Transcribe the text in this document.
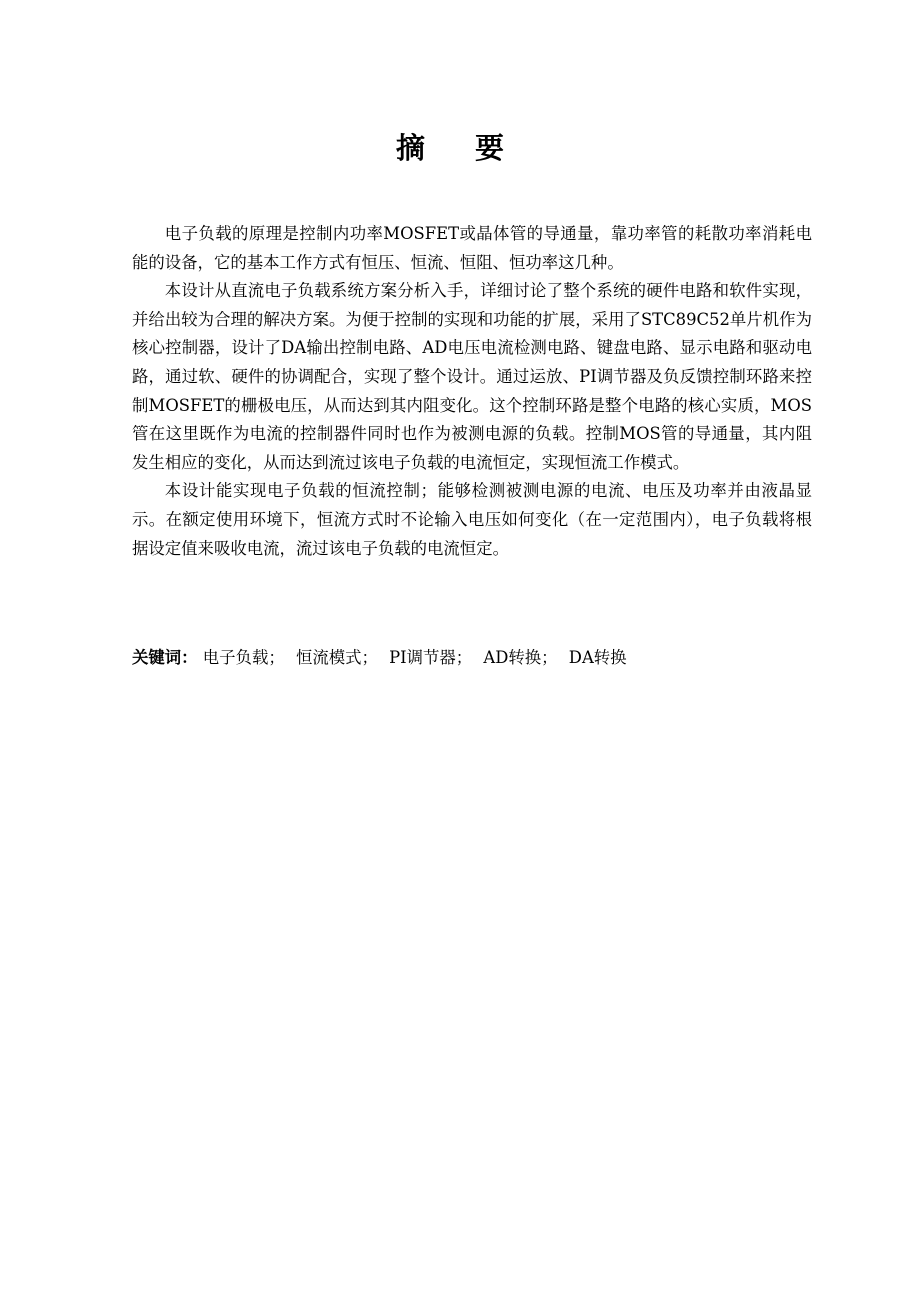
摘 要

电子负载的原理是控制内功率MOSFET或晶体管的导通量，靠功率管的耗散功率消耗电能的设备，它的基本工作方式有恒压、恒流、恒阻、恒功率这几种。

本设计从直流电子负载系统方案分析入手，详细讨论了整个系统的硬件电路和软件实现，并给出较为合理的解决方案。为便于控制的实现和功能的扩展，采用了STC89C52单片机作为核心控制器，设计了DA输出控制电路、AD电压电流检测电路、键盘电路、显示电路和驱动电路，通过软、硬件的协调配合，实现了整个设计。通过运放、PI调节器及负反馈控制环路来控制MOSFET的栅极电压，从而达到其内阻变化。这个控制环路是整个电路的核心实质，MOS管在这里既作为电流的控制器件同时也作为被测电源的负载。控制MOS管的导通量，其内阻发生相应的变化，从而达到流过该电子负载的电流恒定，实现恒流工作模式。

本设计能实现电子负载的恒流控制；能够检测被测电源的电流、电压及功率并由液晶显示。在额定使用环境下，恒流方式时不论输入电压如何变化（在一定范围内），电子负载将根据设定值来吸收电流，流过该电子负载的电流恒定。

关键词： 电子负载； 恒流模式； PI调节器； AD转换； DA转换
